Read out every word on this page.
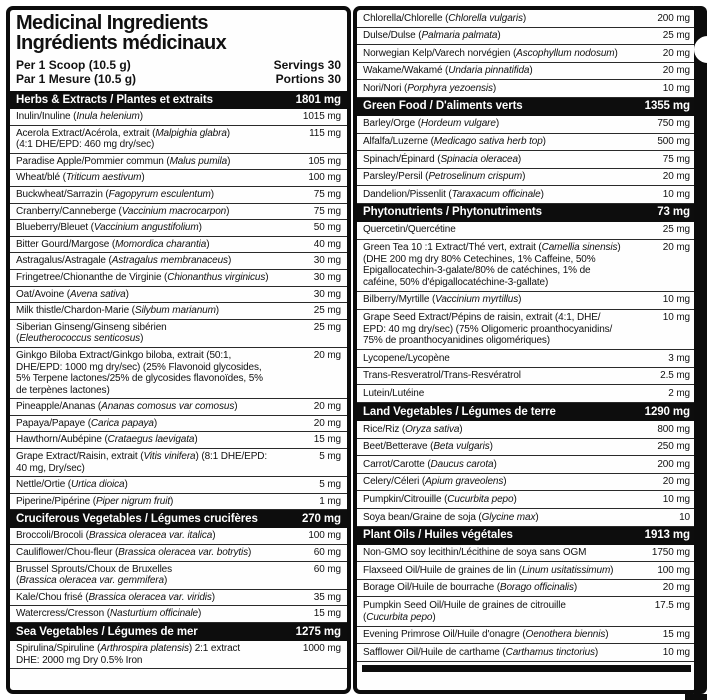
Medicinal Ingredients
Ingrédients médicinaux
Per 1 Scoop (10.5 g)
Par 1 Mesure (10.5 g)
Servings 30
Portions 30
Herbs & Extracts / Plantes et extraits	1801 mg
Inulin/Inuline (Inula helenium)	1015 mg
Acerola Extract/Acérola, extrait (Malpighia glabra)
(4:1 DHE/EPD: 460 mg dry/sec)
115 mg
Paradise Apple/Pommier commun (Malus pumila)	105 mg
Wheat/blé (Triticum aestivum)	100 mg
Buckwheat/Sarrazin (Fagopyrum esculentum)	75 mg
Cranberry/Canneberge (Vaccinium macrocarpon)	75 mg
Blueberry/Bleuet (Vaccinium angustifolium)	50 mg
Bitter Gourd/Margose (Momordica charantia)	40 mg
Astragalus/Astragale (Astragalus membranaceus)	30 mg
Fringetree/Chionanthe de Virginie (Chionanthus virginicus)	30 mg
Oat/Avoine (Avena sativa)	30 mg
Milk thistle/Chardon-Marie (Silybum marianum)	25 mg
Siberian Ginseng/Ginseng sibérien
(Eleutherococcus senticosus)
25 mg
Ginkgo Biloba Extract/Ginkgo biloba, extrait (50:1,
DHE/EPD: 1000 mg dry/sec) (25% Flavonoid glycosides,
5% Terpene lactones/25% de glycosides flavonoïdes, 5%
de terpènes lactones)
20 mg
Pineapple/Ananas (Ananas comosus var comosus)	20 mg
Papaya/Papaye (Carica papaya)	20 mg
Hawthorn/Aubépine (Crataegus laevigata)	15 mg
Grape Extract/Raisin, extrait (Vitis vinifera) (8:1 DHE/EPD:
40 mg, Dry/sec)
5 mg
Nettle/Ortie (Urtica dioica)	5 mg
Piperine/Pipérine (Piper nigrum fruit)	1 mg
Cruciferous Vegetables / Légumes crucifères	270 mg
Broccoli/Brocoli (Brassica oleracea var. italica)	100 mg
Cauliflower/Chou-fleur (Brassica oleracea var. botrytis)	60 mg
Brussel Sprouts/Choux de Bruxelles
(Brassica oleracea var. gemmifera)
60 mg
Kale/Chou frisé (Brassica oleracea var. viridis)	35 mg
Watercress/Cresson (Nasturtium officinale)	15 mg
Sea Vegetables / Légumes de mer	1275 mg
Spirulina/Spiruline (Arthrospira platensis) 2:1 extract
DHE: 2000 mg Dry 0.5% Iron
1000 mg
Chlorella/Chlorelle (Chlorella vulgaris)	200 mg
Dulse/Dulse (Palmaria palmata)	25 mg
Norwegian Kelp/Varech norvégien (Ascophyllum nodosum)	20 mg
Wakame/Wakamé (Undaria pinnatifida)	20 mg
Nori/Nori (Porphyra yezoensis)	10 mg
Green Food / D'aliments verts	1355 mg
Barley/Orge (Hordeum vulgare)	750 mg
Alfalfa/Luzerne (Medicago sativa herb top)	500 mg
Spinach/Épinard (Spinacia oleracea)	75 mg
Parsley/Persil (Petroselinum crispum)	20 mg
Dandelion/Pissenlit (Taraxacum officinale)	10 mg
Phytonutrients / Phytonutriments	73 mg
Quercetin/Quercétine	25 mg
Green Tea 10 :1 Extract/Thé vert, extrait (Camellia sinensis)
(DHE 200 mg dry 80% Cetechines, 1% Caffeine, 50%
Epigallocatechin-3-galate/80% de catéchines, 1% de
caféine, 50% d'épigallocatéchine-3-gallate)
20 mg
Bilberry/Myrtille (Vaccinium myrtillus)	10 mg
Grape Seed Extract/Pépins de raisin, extrait (4:1, DHE/
EPD: 40 mg dry/sec) (75% Oligomeric proanthocyanidins/
75% de proanthocyanidines oligomériques)
10 mg
Lycopene/Lycopène	3 mg
Trans-Resveratrol/Trans-Resvératrol	2.5 mg
Lutein/Lutéine	2 mg
Land Vegetables / Légumes de terre	1290 mg
Rice/Riz (Oryza sativa)	800 mg
Beet/Betterave (Beta vulgaris)	250 mg
Carrot/Carotte (Daucus carota)	200 mg
Celery/Céleri (Apium graveolens)	20 mg
Pumpkin/Citrouille (Cucurbita pepo)	10 mg
Soya bean/Graine de soja (Glycine max)	10
Plant Oils / Huiles végétales	1913 mg
Non-GMO soy lecithin/Lécithine de soya sans OGM	1750 mg
Flaxseed Oil/Huile de graines de lin (Linum usitatissimum)	100 mg
Borage Oil/Huile de bourrache (Borago officinalis)	20 mg
Pumpkin Seed Oil/Huile de graines de citrouille
(Cucurbita pepo)
17.5 mg
Evening Primrose Oil/Huile d'onagre (Oenothera biennis)	15 mg
Safflower Oil/Huile de carthame (Carthamus tinctorius)	10 mg
